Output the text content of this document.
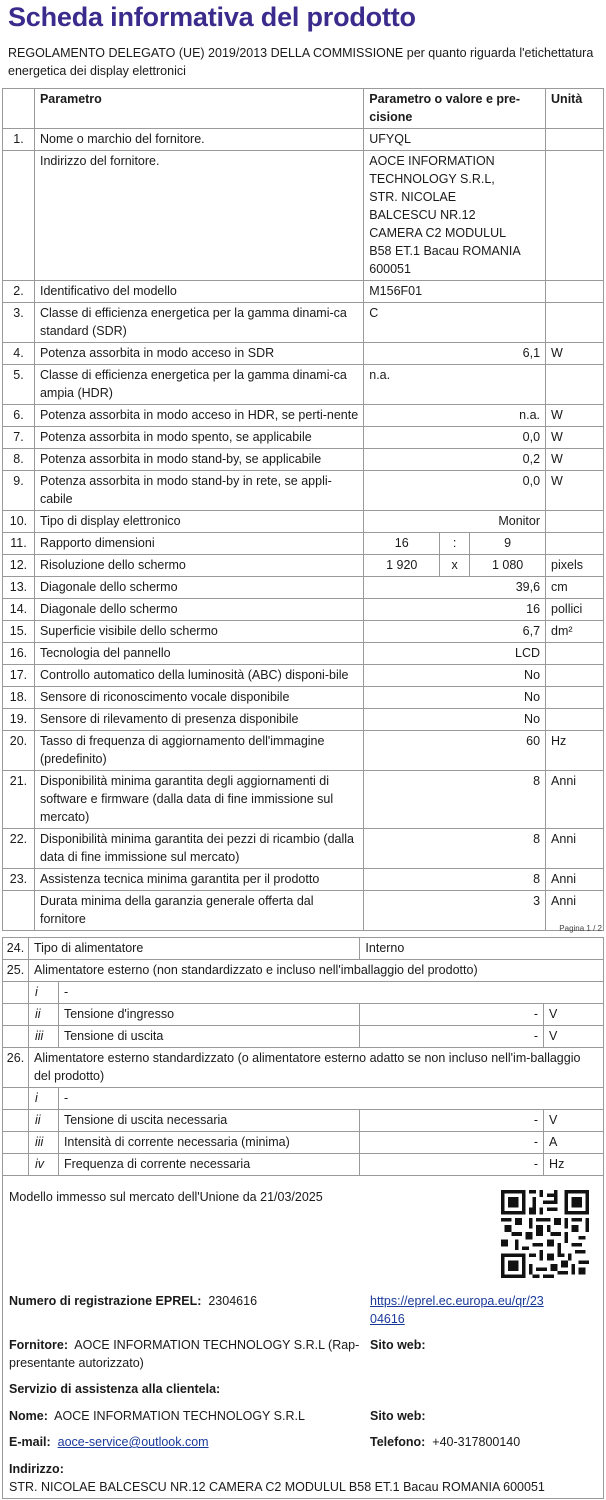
Scheda informativa del prodotto

REGOLAMENTO DELEGATO (UE) 2019/2013 DELLA COMMISSIONE per quanto riguarda l'etichettatura energetica dei display elettronici

	Parametro	Parametro o valore e pre-cisione			Unità
1.	Nome o marchio del fornitore.	UFYQL			
	Indirizzo del fornitore.	AOCE INFORMATION TECHNOLOGY S.R.L, STR. NICOLAE BALCESCU NR.12 CAMERA C2 MODULUL B58 ET.1 Bacau ROMANIA 600051			
2.	Identificativo del modello	M156F01			
3.	Classe di efficienza energetica per la gamma dinami-ca standard (SDR)	C			
4.	Potenza assorbita in modo acceso in SDR	6,1			W
5.	Classe di efficienza energetica per la gamma dinami-ca ampia (HDR)	n.a.			
6.	Potenza assorbita in modo acceso in HDR, se perti-nente	n.a.			W
7.	Potenza assorbita in modo spento, se applicabile	0,0			W
8.	Potenza assorbita in modo stand-by, se applicabile	0,2			W
9.	Potenza assorbita in modo stand-by in rete, se appli-cabile	0,0			W
10.	Tipo di display elettronico	Monitor			
11.	Rapporto dimensioni	16	:	9	
12.	Risoluzione dello schermo	1 920	x	1 080	pixels
13.	Diagonale dello schermo	39,6			cm
14.	Diagonale dello schermo	16			pollici
15.	Superficie visibile dello schermo	6,7			dm²
16.	Tecnologia del pannello	LCD			
17.	Controllo automatico della luminosità (ABC) disponi-bile	No			
18.	Sensore di riconoscimento vocale disponibile	No			
19.	Sensore di rilevamento di presenza disponibile	No			
20.	Tasso di frequenza di aggiornamento dell'immagine (predefinito)	60			Hz
21.	Disponibilità minima garantita degli aggiornamenti di software e firmware (dalla data di fine immissione sul mercato)	8			Anni
22.	Disponibilità minima garantita dei pezzi di ricambio (dalla data di fine immissione sul mercato)	8			Anni
23.	Assistenza tecnica minima garantita per il prodotto	8			Anni
	Durata minima della garanzia generale offerta dal fornitore	3			Anni
Pagina 1 / 2
24.	Tipo di alimentatore		Interno	
25.	Alimentatore esterno (non standardizzato e incluso nell'imballaggio del prodotto)			
	i	-		
	ii	Tensione d'ingresso	-	V
	iii	Tensione di uscita	-	V
26.	Alimentatore esterno standardizzato (o alimentatore esterno adatto se non incluso nell'im-ballaggio del prodotto)			
	i	-		
	ii	Tensione di uscita necessaria	-	V
	iii	Intensità di corrente necessaria (minima)	-	A
	iv	Frequenza di corrente necessaria	-	Hz
Modello immesso sul mercato dell'Unione da 21/03/2025
Numero di registrazione EPREL: 2304616	https://eprel.ec.europa.eu/qr/23
04616
Fornitore: AOCE INFORMATION TECHNOLOGY S.R.L (Rap-
presentante autorizzato)
Sito web:
Servizio di assistenza alla clientela:
Nome: AOCE INFORMATION TECHNOLOGY S.R.L	Sito web:
E-mail: aoce-service@outlook.com	Telefono: +40-317800140
Indirizzo:
STR. NICOLAE BALCESCU NR.12 CAMERA C2 MODULUL B58 ET.1 Bacau ROMANIA 600051
